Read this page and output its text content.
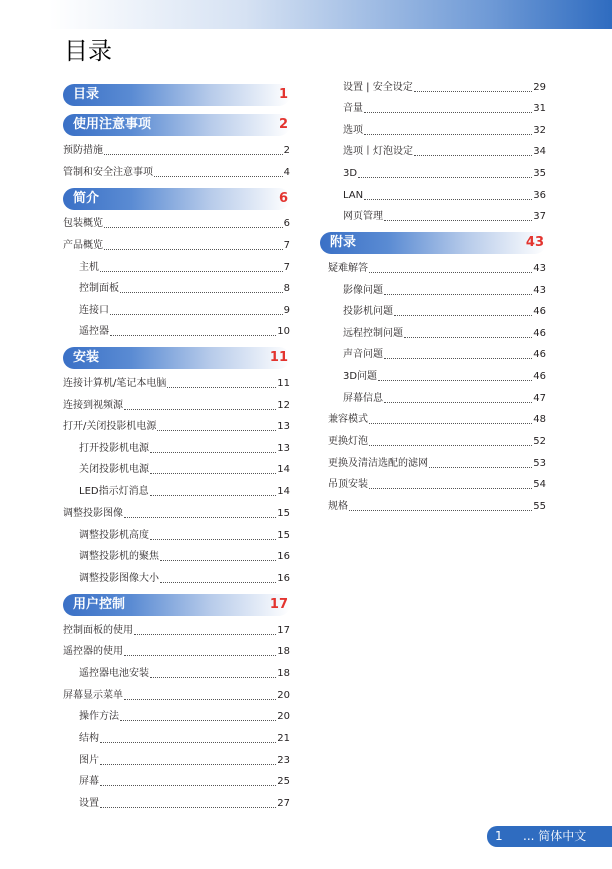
目录
目录	1
使用注意事项	2
预防措施	2
管制和安全注意事项	4
简介	6
包装概览	6
产品概览	7
主机	7
控制面板	8
连接口	9
遥控器	10
安装	11
连接计算机/笔记本电脑	11
连接到视频源	12
打开/关闭投影机电源	13
打开投影机电源	13
关闭投影机电源	14
LED指示灯消息	14
调整投影图像	15
调整投影机高度	15
调整投影机的聚焦	16
调整投影图像大小	16
用户控制	17
控制面板的使用	17
遥控器的使用	18
遥控器电池安装	18
屏幕显示菜单	20
操作方法	20
结构	21
图片	23
屏幕	25
设置	27
设置 | 安全设定	29
音量	31
选项	32
选项丨灯泡设定	34
3D	35
LAN	36
网页管理	37
附录	43
疑难解答	43
影像问题	43
投影机问题	46
远程控制问题	46
声音问题	46
3D问题	46
屏幕信息	47
兼容模式	48
更换灯泡	52
更换及清洁选配的滤网	53
吊顶安装	54
规格	55
1 ... 简体中文
